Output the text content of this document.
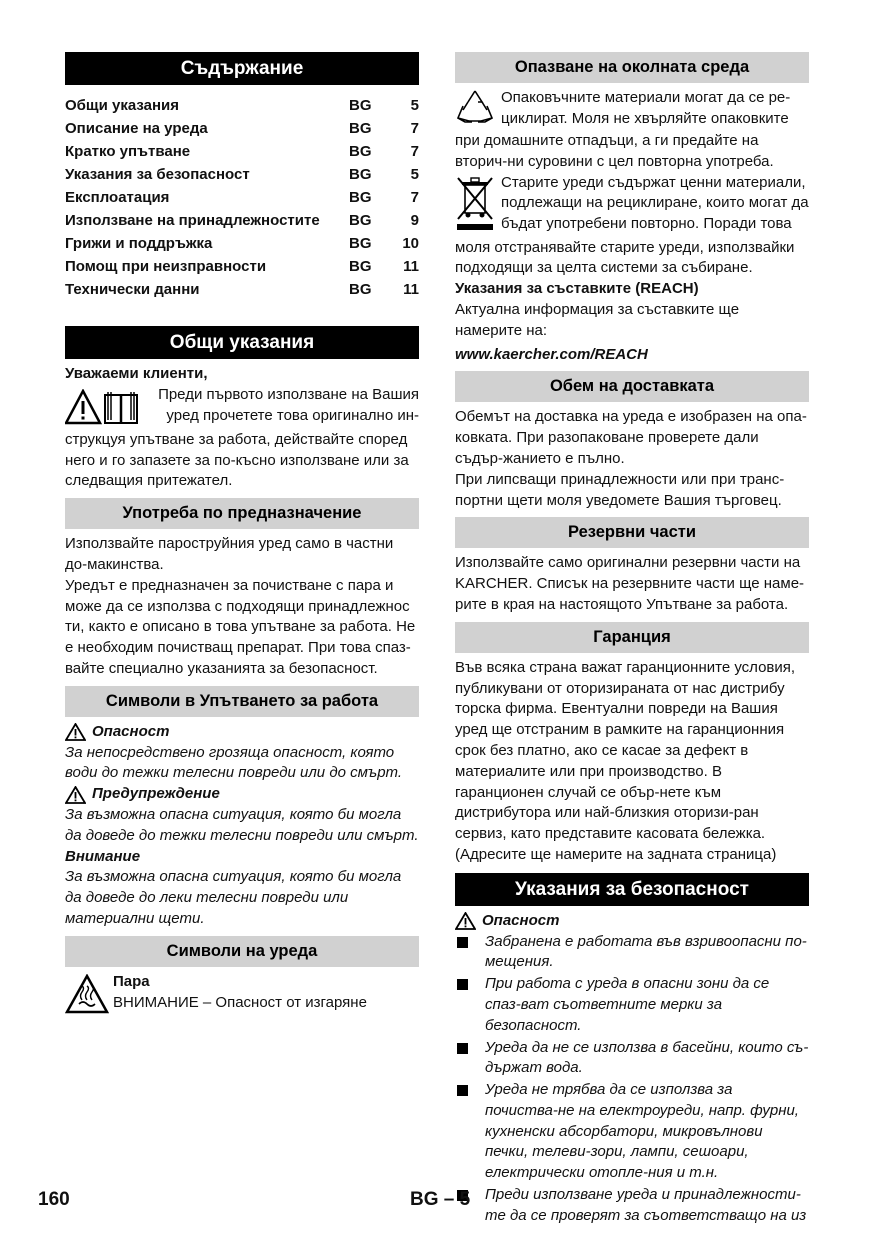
Съдържание
Общи указания	BG	5
Описание на уреда	BG	7
Кратко упътване	BG	7
Указания за безопасност	BG	5
Експлоатация	BG	7
Използване на принадлежностите	BG	9
Грижи и поддръжка	BG	10
Помощ при неизправности	BG	11
Технически данни	BG	11
Общи указания
Уважаеми клиенти,

Преди първото използване на Вашия

уред прочетете това оригинално ин-

струкцуя упътване за работа, действайте според него и го запазете за по-късно използване или за следващия притежател.

Употреба по предназначение

Използвайте пароструйния уред само в частни до-макинства.

Уредът е предназначен за почистване с пара и може да се използва с подходящи принадлежнос ти, както е описано в това упътване за работа. Не е необходим почистващ препарат. При това спаз-вайте специално указанията за безопасност.

Символи в Упътването за работа
Опасност

За непосредствено грозяща опасност, която води до тежки телесни повреди или до смърт.

Предупреждение

За възможна опасна ситуация, която би могла да доведе до тежки телесни повреди или смърт.

Внимание

За възможна опасна ситуация, която би могла да доведе до леки телесни повреди или материални щети.

Символи на уреда
Пара
ВНИМАНИЕ – Опасност от изгаряне
Опазване на околната среда

Опаковъчните материали могат да се ре-

циклират. Моля не хвърляйте опаковките

при домашните отпадъци, а ги предайте на вторич-ни суровини с цел повторна употреба.

Старите уреди съдържат ценни материали,

подлежащи на рециклиране, които могат да

бъдат употребени повторно. Поради това

моля отстранявайте старите уреди, използвайки подходящи за целта системи за събиране.

Указания за съставките (REACH)

Актуална информация за съставките ще намерите на:

www.kaercher.com/REACH
Обем на доставката

Обемът на доставка на уреда е изобразен на опа-ковката. При разопаковане проверете дали съдър-жанието е пълно.

При липсващи принадлежности или при транс-портни щети моля уведомете Вашия търговец.

Резервни части

Използвайте само оригинални резервни части на KARCHER. Списък на резервните части ще наме-рите в края на настоящото Упътване за работа.

Гаранция

Във всяка страна важат гаранционните условия, публикувани от оторизираната от нас дистрибу торска фирма. Евентуални повреди на Вашия уред ще отстраним в рамките на гаранционния срок без платно, ако се касае за дефект в материалите или при производство. В гаранционен случай се обър-нете към дистрибутора или най-близкия оторизи-ран сервиз, като представите касовата бележка. (Адресите ще намерите на задната страница)

Указания за безопасност
Опасност
Забранена е работата във взривоопасни по-мещения.
При работа с уреда в опасни зони да се спаз-ват съответните мерки за безопасност.
Уреда да не се използва в басейни, които съ-държат вода.
Уреда не трябва да се използва за почиства-не на електроуреди, напр. фурни, кухненски абсорбатори, микровълнови печки, телеви-зори, лампи, сешоари, електрически отопле-ния и т.н.
Преди използване уреда и принадлежности-те да се проверят за съответстващо на из
160	BG – 5
